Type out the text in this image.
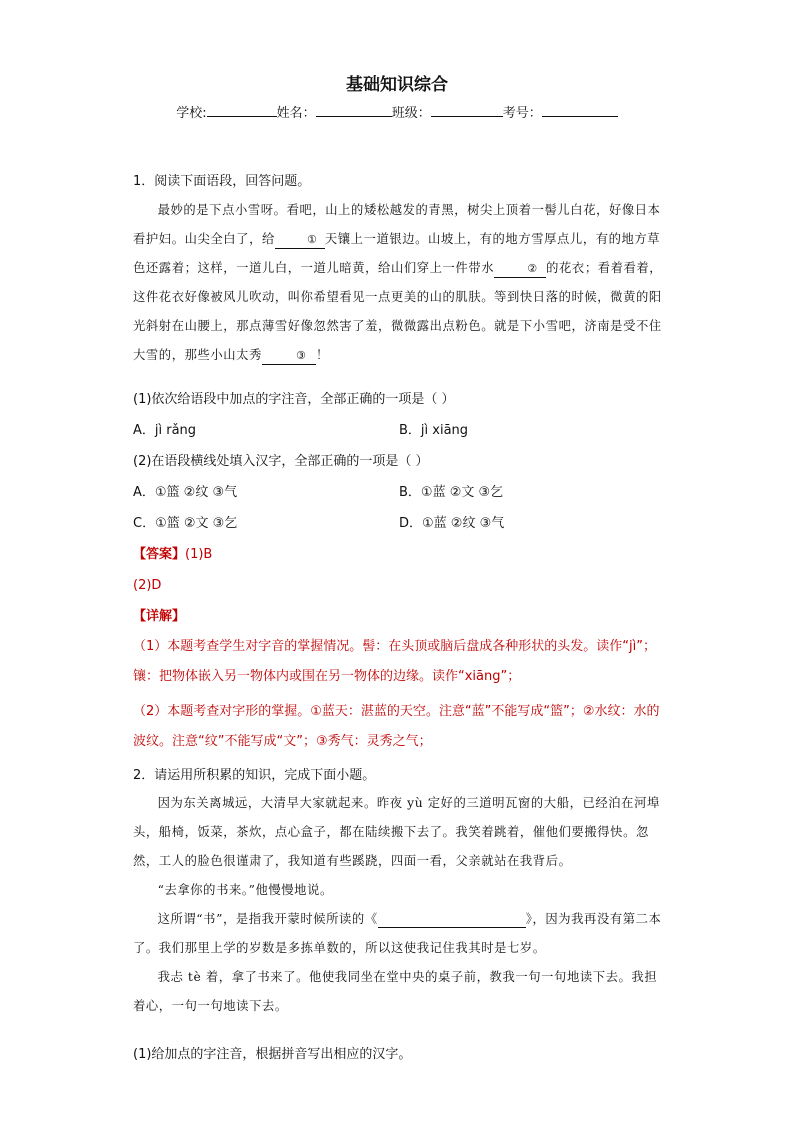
基础知识综合
学校:	姓名：	班级：	考号：
1．阅读下面语段，回答问题。
最妙的是下点小雪呀。看吧，山上的矮松越发的青黑，树尖上顶着一髻儿白花，好像日本看护妇。山尖全白了，给	① 天镶上一道银边。山坡上，有的地方雪厚点儿，有的地方草色还露着；这样，一道儿白，一道儿暗黄，给山们穿上一件带水	② 的花衣；看着看着，这件花衣好像被风儿吹动，叫你希望看见一点更美的山的肌肤。等到快日落的时候，微黄的阳光斜射在山腰上，那点薄雪好像忽然害了羞，微微露出点粉色。就是下小雪吧，济南是受不住大雪的，那些小山太秀	③ ！
(1)依次给语段中加点的字注音，全部正确的一项是（ ）
A．jì rǎng	B．jì xiāng
(2)在语段横线处填入汉字，全部正确的一项是（ ）
A．①篮 ②纹 ③气	B．①蓝 ②文 ③乞
C．①篮 ②文 ③乞	D．①蓝 ②纹 ③气
【答案】(1)B
(2)D
【详解】
（1）本题考查学生对字音的掌握情况。髻：在头顶或脑后盘成各种形状的头发。读作“jì”；镶：把物体嵌入另一物体内或围在另一物体的边缘。读作“xiāng”；
（2）本题考查对字形的掌握。①蓝天：湛蓝的天空。注意“蓝”不能写成“篮”；②水纹：水的波纹。注意“纹”不能写成“文”；③秀气：灵秀之气；
2．请运用所积累的知识，完成下面小题。
因为东关离城远，大清早大家就起来。昨夜 yù 定好的三道明瓦窗的大船，已经泊在河埠头，船椅，饭菜，茶炊，点心盒子，都在陆续搬下去了。我笑着跳着，催他们要搬得快。忽然，工人的脸色很谨肃了，我知道有些蹊跷，四面一看，父亲就站在我背后。
“去拿你的书来。”他慢慢地说。
这所谓“书”，是指我开蒙时候所读的《	》，因为我再没有第二本了。我们那里上学的岁数是多拣单数的，所以这使我记住我其时是七岁。
我忐 tè 着，拿了书来了。他使我同坐在堂中央的桌子前，教我一句一句地读下去。我担着心，一句一句地读下去。
(1)给加点的字注音，根据拼音写出相应的汉字。
